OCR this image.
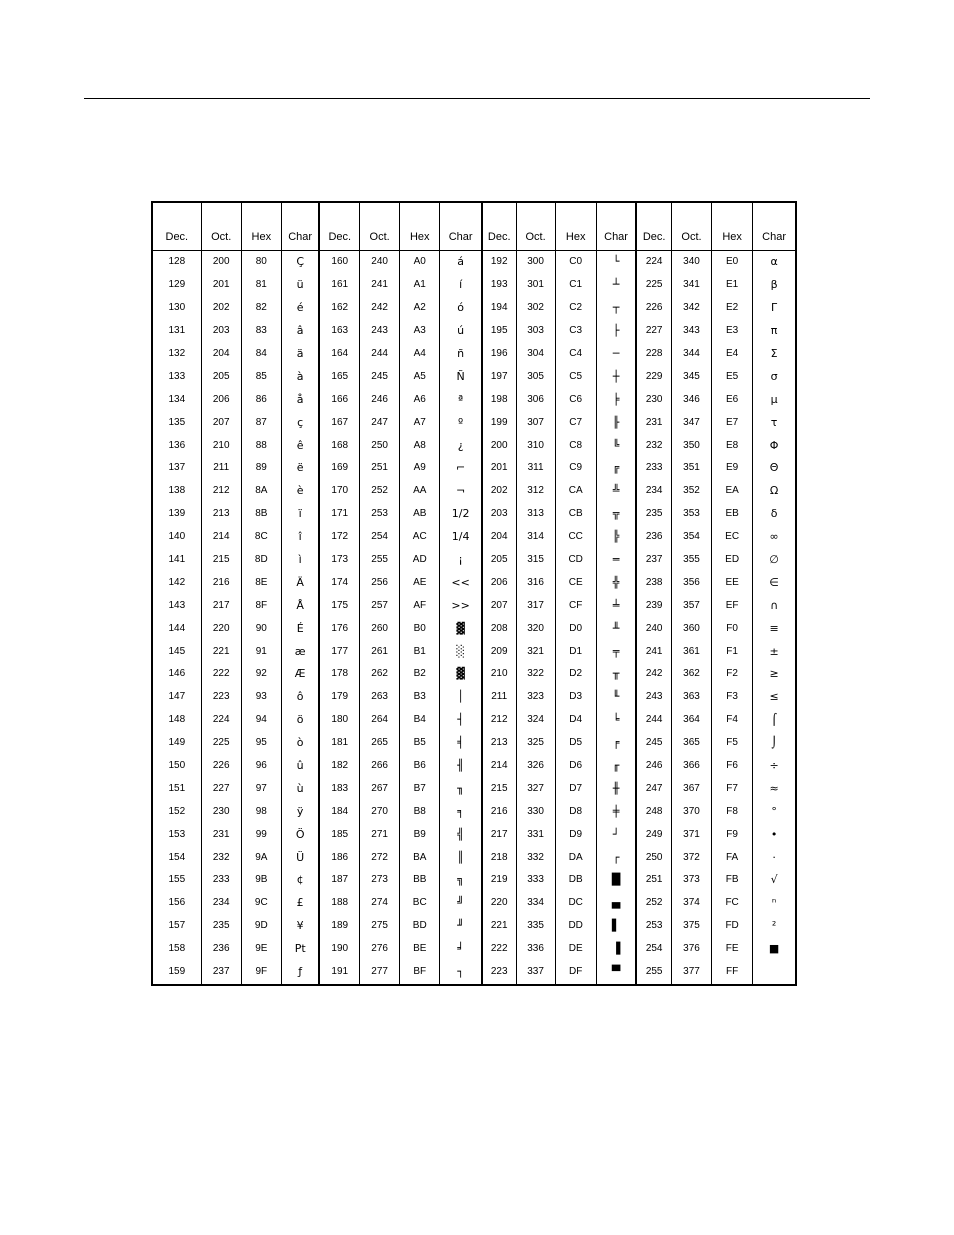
Dec.	Oct.	Hex	Char	Dec.	Oct.	Hex	Char	Dec.	Oct.	Hex	Char	Dec.	Oct.	Hex	Char
128	200	80	Ç	160	240	A0	á	192	300	C0	└	224	340	E0	α
129	201	81	ü	161	241	A1	í	193	301	C1	┴	225	341	E1	β
130	202	82	é	162	242	A2	ó	194	302	C2	┬	226	342	E2	Γ
131	203	83	â	163	243	A3	ú	195	303	C3	├	227	343	E3	π
132	204	84	ä	164	244	A4	ñ	196	304	C4	─	228	344	E4	Σ
133	205	85	à	165	245	A5	Ñ	197	305	C5	┼	229	345	E5	σ
134	206	86	å	166	246	A6	ª	198	306	C6	╞	230	346	E6	µ
135	207	87	ç	167	247	A7	º	199	307	C7	╟	231	347	E7	τ
136	210	88	ê	168	250	A8	¿	200	310	C8	╚	232	350	E8	Φ
137	211	89	ë	169	251	A9	⌐	201	311	C9	╔	233	351	E9	Θ
138	212	8A	è	170	252	AA	¬	202	312	CA	╩	234	352	EA	Ω
139	213	8B	ï	171	253	AB	1/2	203	313	CB	╦	235	353	EB	δ
140	214	8C	î	172	254	AC	1/4	204	314	CC	╠	236	354	EC	∞
141	215	8D	ì	173	255	AD	¡	205	315	CD	═	237	355	ED	∅
142	216	8E	Ä	174	256	AE	<<	206	316	CE	╬	238	356	EE	∈
143	217	8F	Å	175	257	AF	>>	207	317	CF	╧	239	357	EF	∩
144	220	90	É	176	260	B0	▓	208	320	D0	╨	240	360	F0	≡
145	221	91	æ	177	261	B1	░	209	321	D1	╤	241	361	F1	±
146	222	92	Æ	178	262	B2	▓	210	322	D2	╥	242	362	F2	≥
147	223	93	ô	179	263	B3	│	211	323	D3	╙	243	363	F3	≤
148	224	94	ö	180	264	B4	┤	212	324	D4	╘	244	364	F4	⌠
149	225	95	ò	181	265	B5	╡	213	325	D5	╒	245	365	F5	⌡
150	226	96	û	182	266	B6	╢	214	326	D6	╓	246	366	F6	÷
151	227	97	ù	183	267	B7	╖	215	327	D7	╫	247	367	F7	≈
152	230	98	ÿ	184	270	B8	╕	216	330	D8	╪	248	370	F8	°
153	231	99	Ö	185	271	B9	╣	217	331	D9	┘	249	371	F9	•
154	232	9A	Ü	186	272	BA	║	218	332	DA	┌	250	372	FA	·
155	233	9B	¢	187	273	BB	╗	219	333	DB	█	251	373	FB	√
156	234	9C	£	188	274	BC	╝	220	334	DC	▄	252	374	FC	ⁿ
157	235	9D	¥	189	275	BD	╜	221	335	DD	▌	253	375	FD	²
158	236	9E	Pt	190	276	BE	╛	222	336	DE	▐	254	376	FE	■
159	237	9F	ƒ	191	277	BF	┐	223	337	DF	▀	255	377	FF	
